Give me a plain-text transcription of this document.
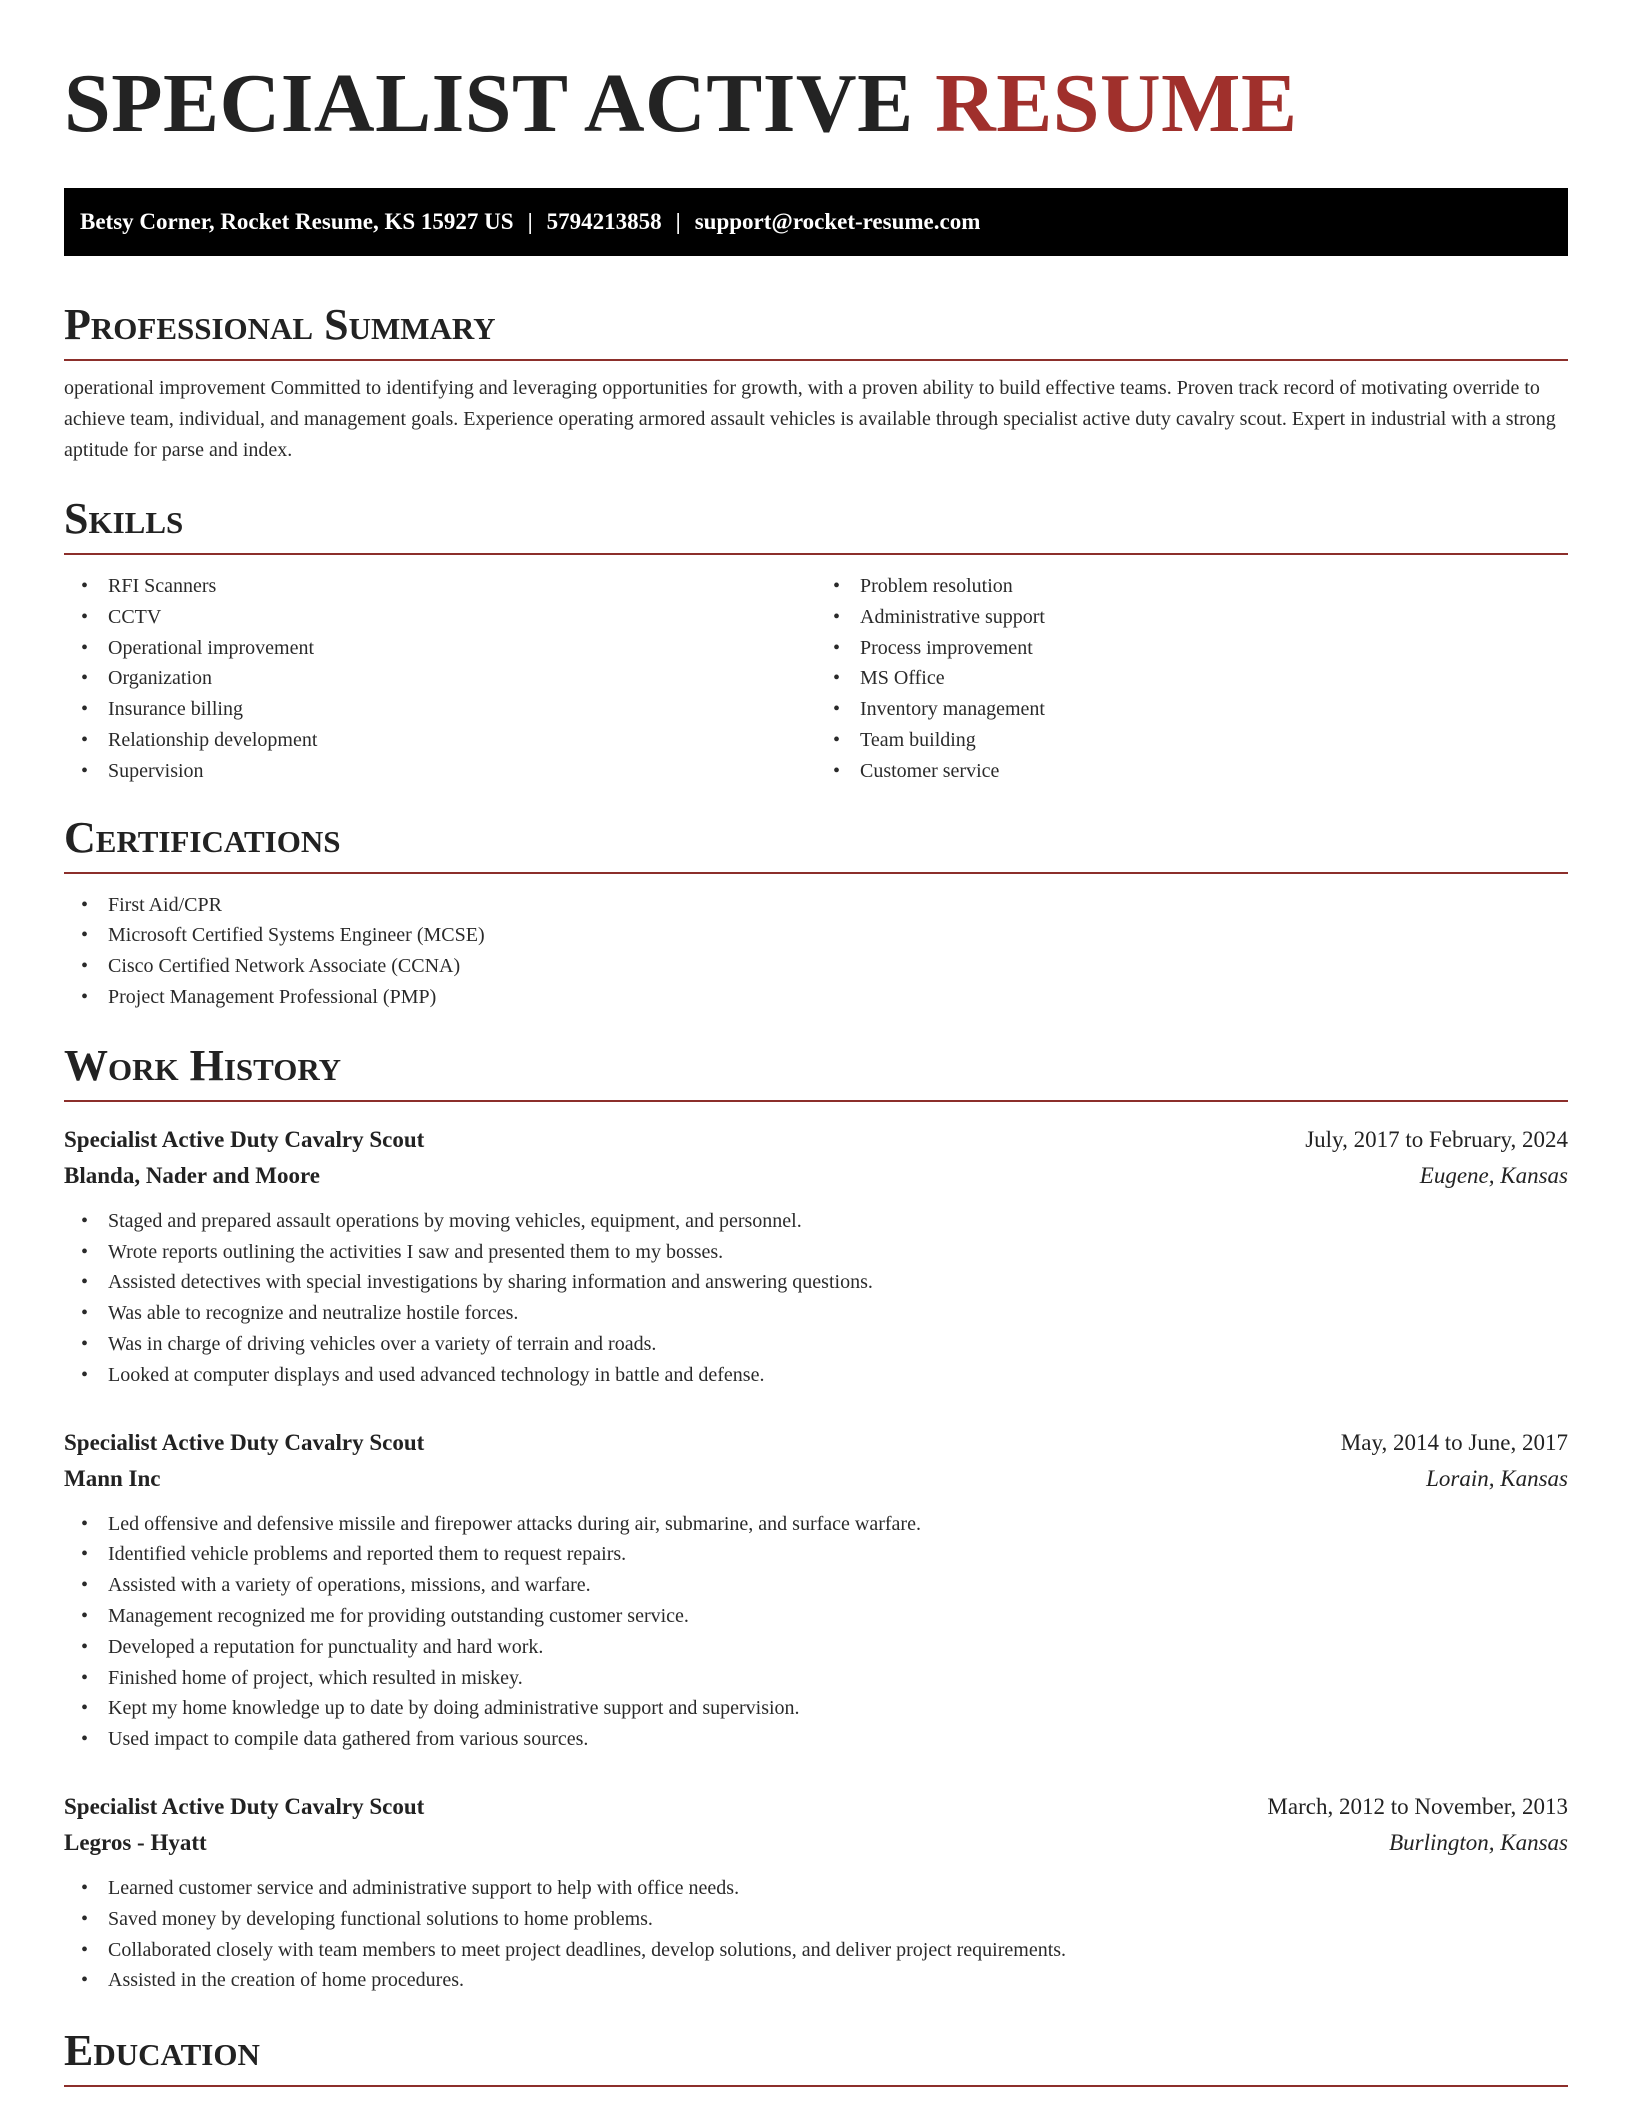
SPECIALIST ACTIVE RESUME
Betsy Corner, Rocket Resume, KS 15927 US | 5794213858 | support@rocket-resume.com
Professional Summary

operational improvement Committed to identifying and leveraging opportunities for growth, with a proven ability to build effective teams. Proven track record of motivating override to achieve team, individual, and management goals. Experience operating armored assault vehicles is available through specialist active duty cavalry scout. Expert in industrial with a strong aptitude for parse and index.

Skills
• RFI Scanners
• CCTV
• Operational improvement
• Organization
• Insurance billing
• Relationship development
• Supervision
• Problem resolution
• Administrative support
• Process improvement
• MS Office
• Inventory management
• Team building
• Customer service
Certifications
• First Aid/CPR
• Microsoft Certified Systems Engineer (MCSE)
• Cisco Certified Network Associate (CCNA)
• Project Management Professional (PMP)
Work History
Specialist Active Duty Cavalry Scout	July, 2017 to February, 2024
Blanda, Nader and Moore	Eugene, Kansas
• Staged and prepared assault operations by moving vehicles, equipment, and personnel.
• Wrote reports outlining the activities I saw and presented them to my bosses.
• Assisted detectives with special investigations by sharing information and answering questions.
• Was able to recognize and neutralize hostile forces.
• Was in charge of driving vehicles over a variety of terrain and roads.
• Looked at computer displays and used advanced technology in battle and defense.
Specialist Active Duty Cavalry Scout	May, 2014 to June, 2017
Mann Inc	Lorain, Kansas
• Led offensive and defensive missile and firepower attacks during air, submarine, and surface warfare.
• Identified vehicle problems and reported them to request repairs.
• Assisted with a variety of operations, missions, and warfare.
• Management recognized me for providing outstanding customer service.
• Developed a reputation for punctuality and hard work.
• Finished home of project, which resulted in miskey.
• Kept my home knowledge up to date by doing administrative support and supervision.
• Used impact to compile data gathered from various sources.
Specialist Active Duty Cavalry Scout	March, 2012 to November, 2013
Legros - Hyatt	Burlington, Kansas
• Learned customer service and administrative support to help with office needs.
• Saved money by developing functional solutions to home problems.
• Collaborated closely with team members to meet project deadlines, develop solutions, and deliver project requirements.
• Assisted in the creation of home procedures.
Education
